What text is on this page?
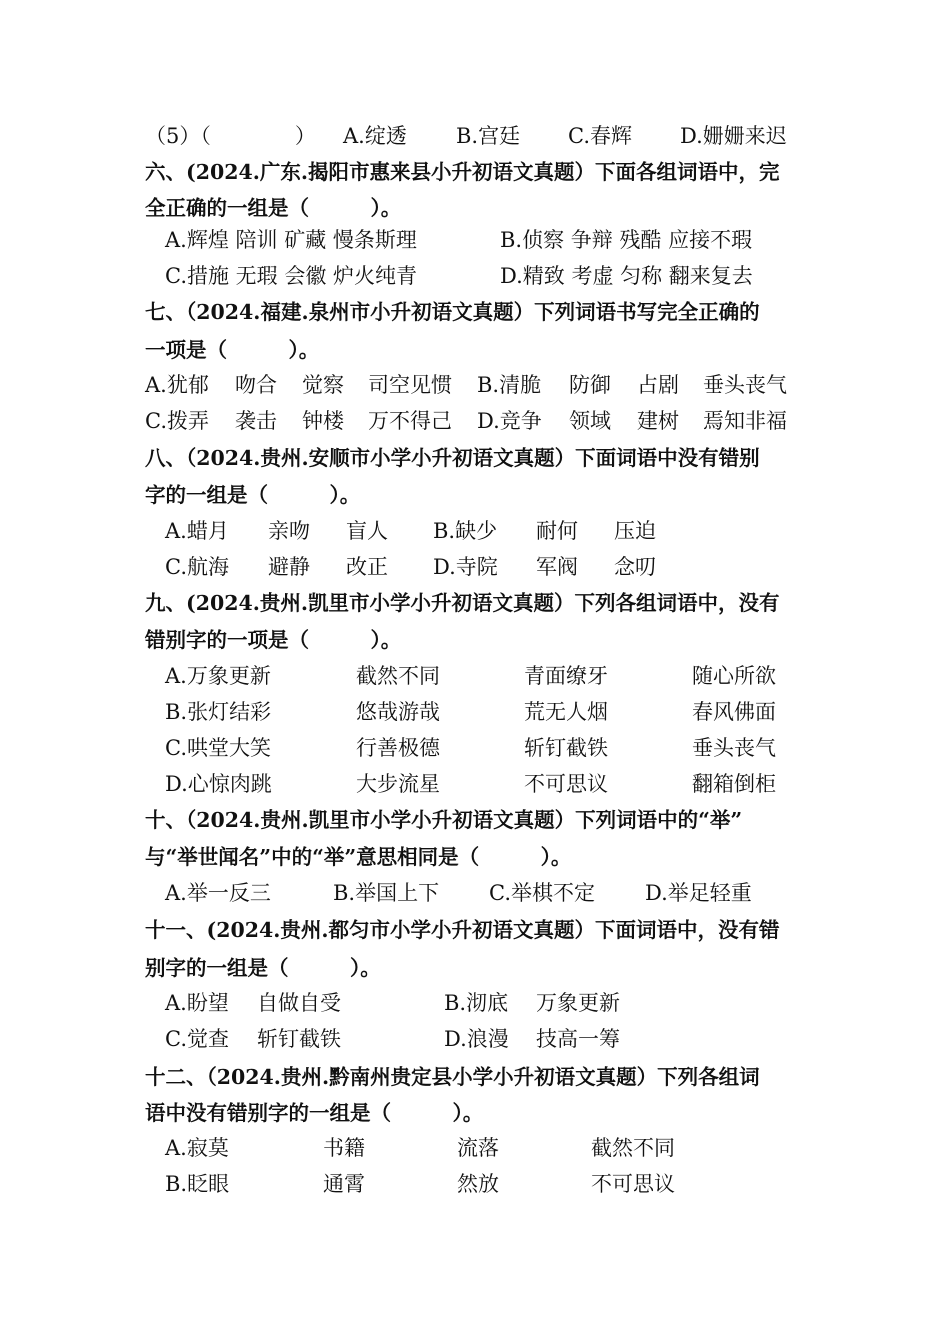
（5）（　　　　） A.绽透 B.宫廷 C.春辉 D.姗姗来迟
六、(2024.广东.揭阳市惠来县小升初语文真题）下面各组词语中，完
全正确的一组是（　　　）。
A.辉煌 陪训 矿藏 慢条斯理	B.侦察 争辩 残酷 应接不瑕
C.措施 无瑕 会徽 炉火纯青	D.精致 考虚 匀称 翻来复去
七、（2024.福建.泉州市小升初语文真题）下列词语书写完全正确的
一项是（　　　）。
A.犹郁 吻合 觉察 司空见惯 B.清脆 防御 占剧 垂头丧气
C.拨弄 袭击 钟楼 万不得己 D.竞争 领域 建树 焉知非福
八、（2024.贵州.安顺市小学小升初语文真题）下面词语中没有错别
字的一组是（　　　）。
A.蜡月 亲吻 盲人 B.缺少 耐何 压迫
C.航海 避静 改正 D.寺院 军阀 念叨
九、(2024.贵州.凯里市小学小升初语文真题）下列各组词语中，没有
错别字的一项是（　　　）。
A.万象更新	截然不同	青面缭牙	随心所欲
B.张灯结彩	悠哉游哉	荒无人烟	春风佛面
C.哄堂大笑	行善极德	斩钉截铁	垂头丧气
D.心惊肉跳	大步流星	不可思议	翻箱倒柜
十、（2024.贵州.凯里市小学小升初语文真题）下列词语中的“举”
与“举世闻名”中的“举”意思相同是（　　　）。
A.举一反三	B.举国上下 C.举棋不定 D.举足轻重
十一、(2024.贵州.都匀市小学小升初语文真题）下面词语中，没有错
别字的一组是（　　　）。
A.盼望 自做自受	B.沏底 万象更新
C.觉查 斩钉截铁	D.浪漫 技高一筹
十二、（2024.贵州.黔南州贵定县小学小升初语文真题）下列各组词
语中没有错别字的一组是（　　　）。
A.寂莫	书籍	流落	截然不同
B.眨眼	通霄	然放	不可思议
